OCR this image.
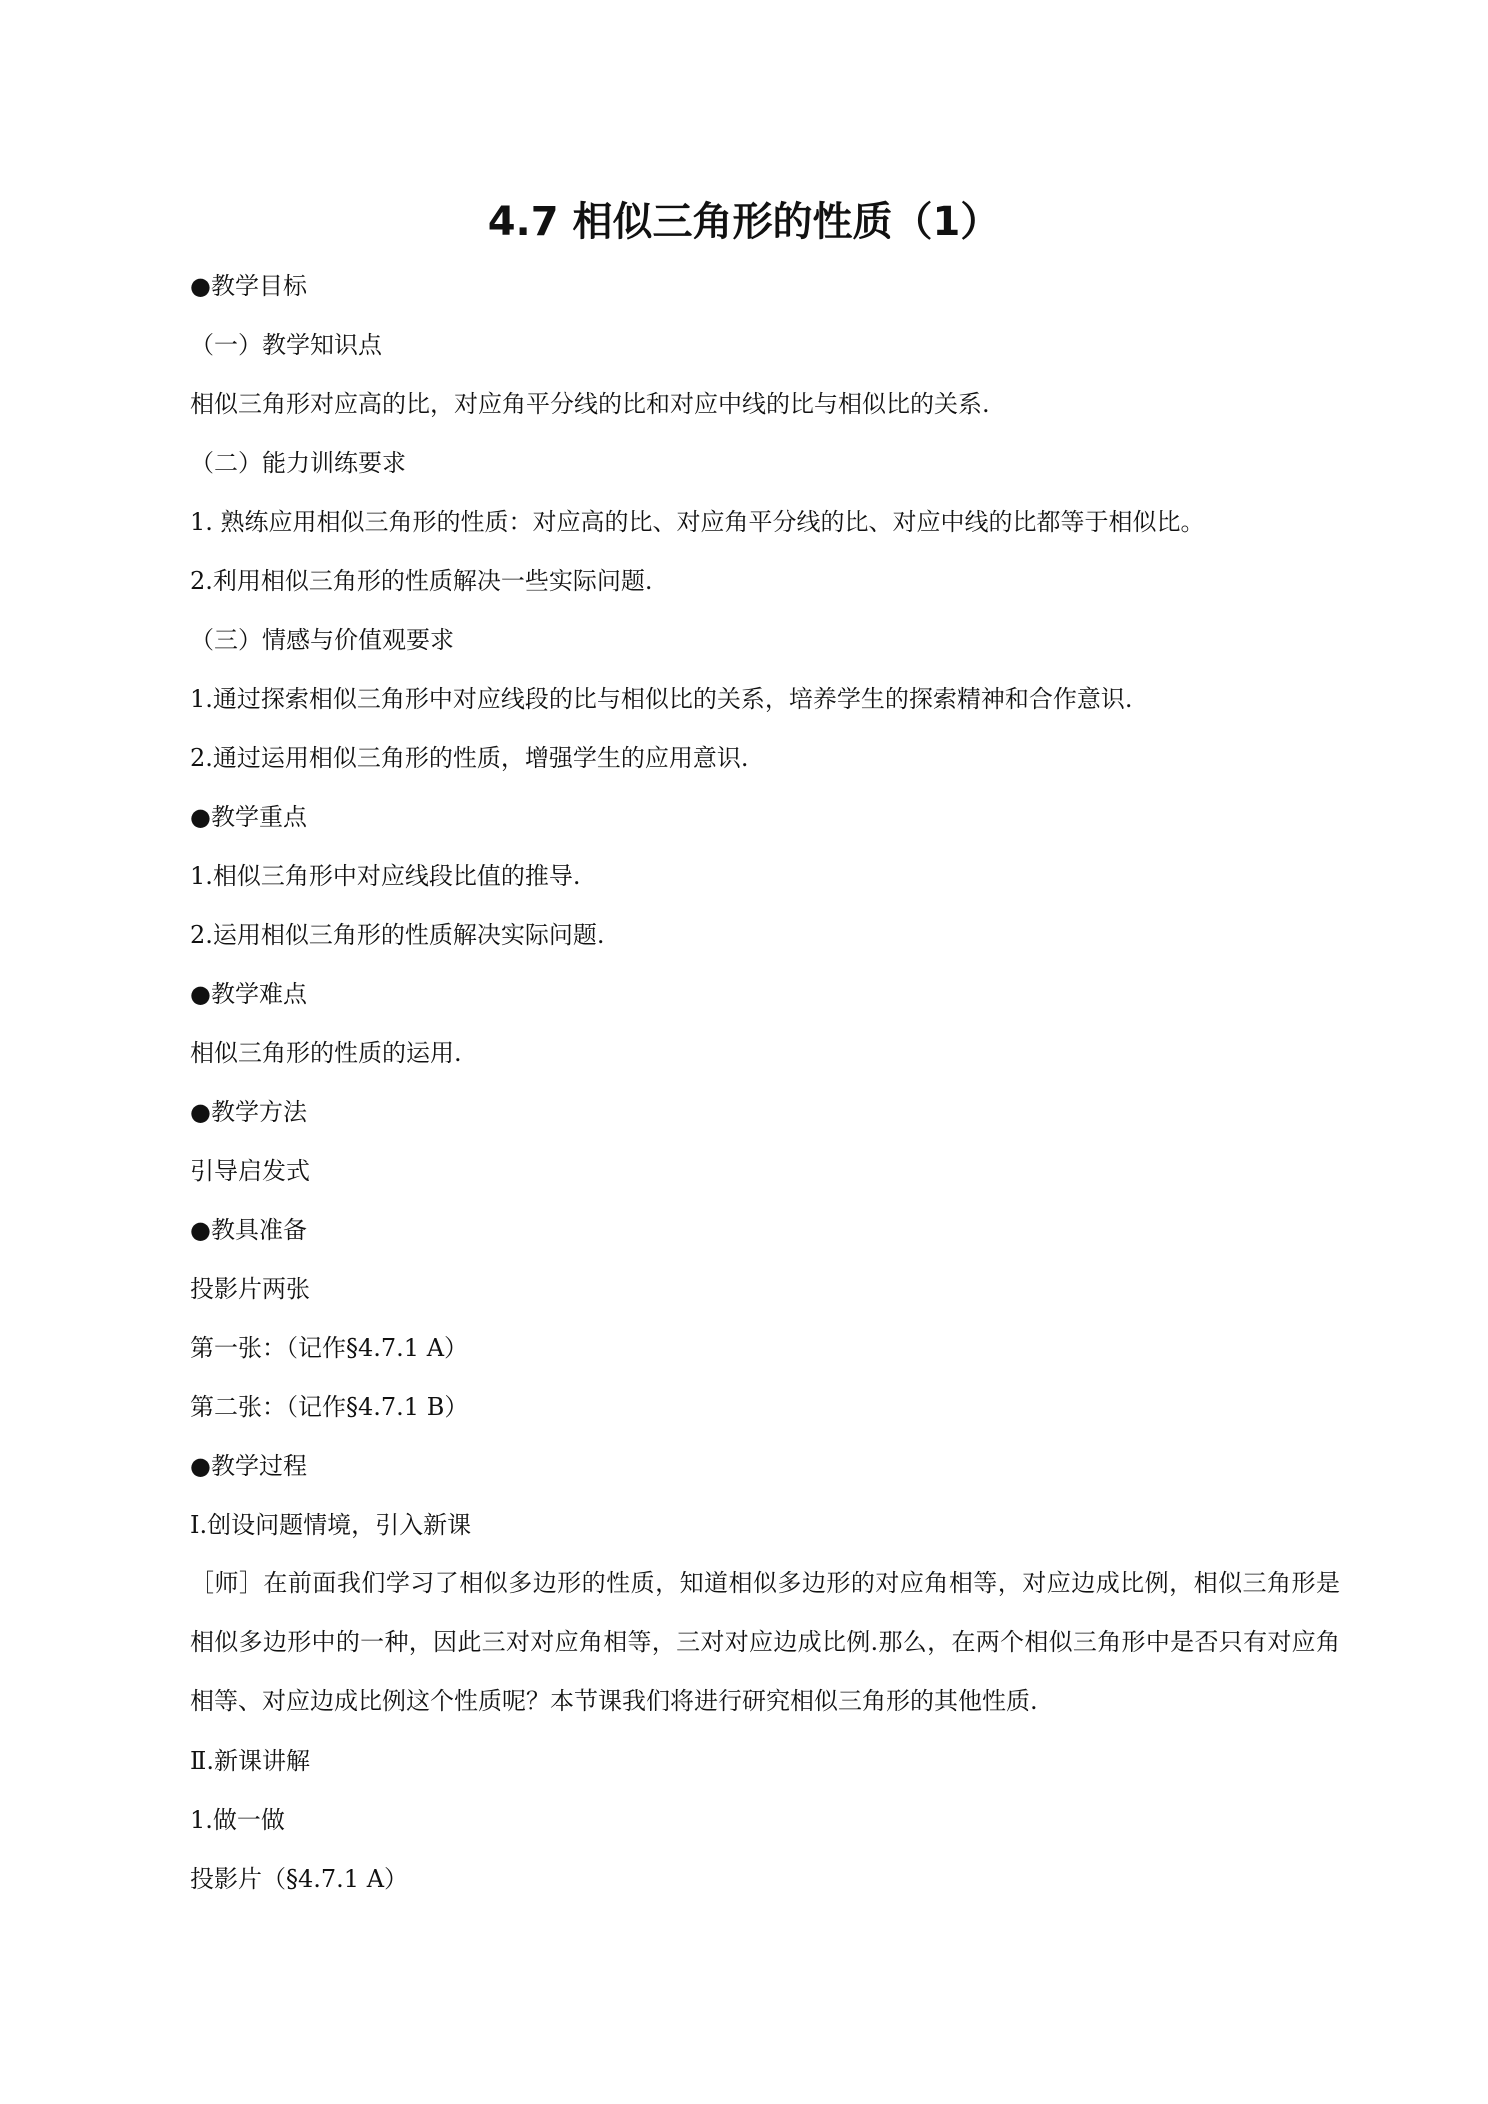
4.7 相似三角形的性质（1）
●教学目标
（一）教学知识点
相似三角形对应高的比，对应角平分线的比和对应中线的比与相似比的关系.
（二）能力训练要求
1. 熟练应用相似三角形的性质：对应高的比、对应角平分线的比、对应中线的比都等于相似比。
2.利用相似三角形的性质解决一些实际问题.
（三）情感与价值观要求
1.通过探索相似三角形中对应线段的比与相似比的关系，培养学生的探索精神和合作意识.
2.通过运用相似三角形的性质，增强学生的应用意识.
●教学重点
1.相似三角形中对应线段比值的推导.
2.运用相似三角形的性质解决实际问题.
●教学难点
相似三角形的性质的运用.
●教学方法
引导启发式
●教具准备
投影片两张
第一张：（记作§4.7.1 A）
第二张：（记作§4.7.1 B）
●教学过程
Ⅰ.创设问题情境，引入新课
［师］在前面我们学习了相似多边形的性质，知道相似多边形的对应角相等，对应边成比例，相似三角形是相似多边形中的一种，因此三对对应角相等，三对对应边成比例.那么，在两个相似三角形中是否只有对应角相等、对应边成比例这个性质呢？本节课我们将进行研究相似三角形的其他性质.
Ⅱ.新课讲解
1.做一做
投影片（§4.7.1 A）
